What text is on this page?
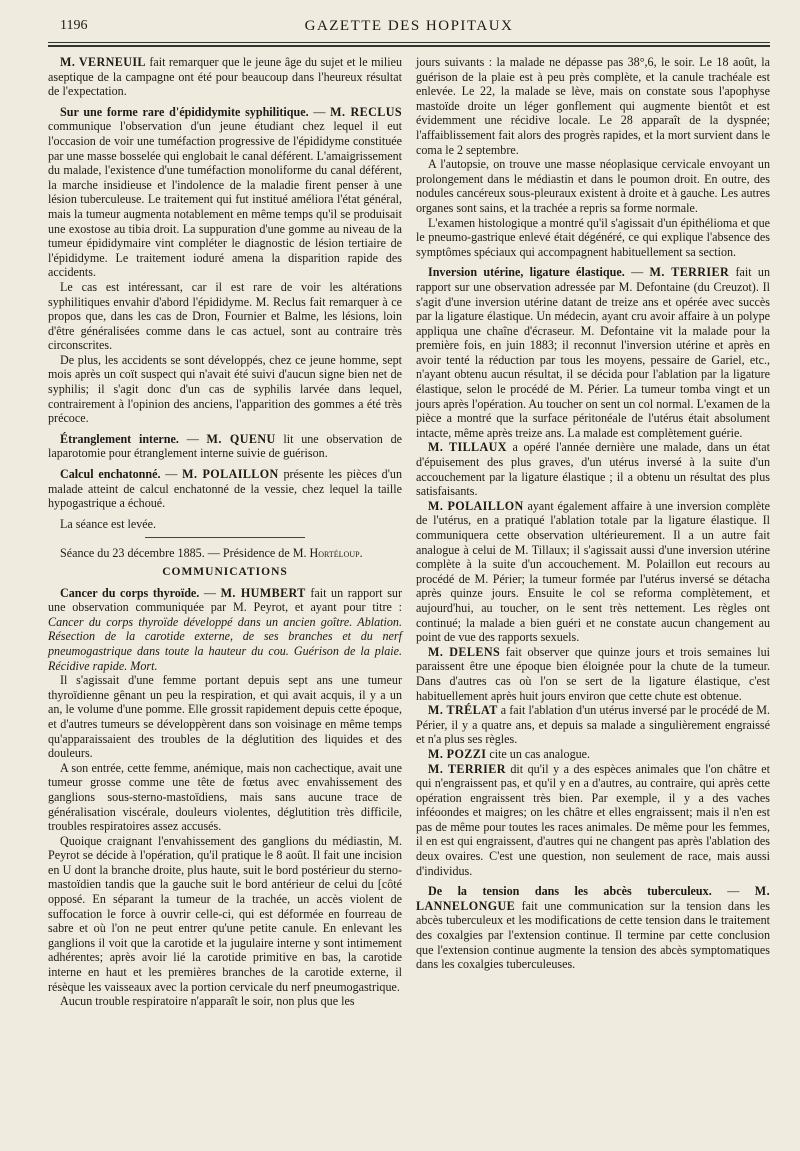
1196	GAZETTE DES HOPITAUX

M. VERNEUIL fait remarquer que le jeune âge du sujet et le milieu aseptique de la campagne ont été pour beaucoup dans l'heureux résultat de l'expectation.

Sur une forme rare d'épididymite syphilitique. — M. RECLUS communique l'observation d'un jeune étudiant chez lequel il eut l'occasion de voir une tuméfaction progressive de l'épididyme constituée par une masse bosselée qui englobait le canal déférent. L'amaigrissement du malade, l'existence d'une tuméfaction monoliforme du canal déférent, la marche insidieuse et l'indolence de la maladie firent penser à une lésion tuberculeuse. Le traitement qui fut institué améliora l'état général, mais la tumeur augmenta notablement en même temps qu'il se produisait une exostose au tibia droit. La suppuration d'une gomme au niveau de la tumeur épididymaire vint compléter le diagnostic de lésion tertiaire de l'épididyme. Le traitement ioduré amena la disparition rapide des accidents.

Le cas est intéressant, car il est rare de voir les altérations syphilitiques envahir d'abord l'épididyme. M. Reclus fait remarquer à ce propos que, dans les cas de Dron, Fournier et Balme, les lésions, loin d'être généralisées comme dans le cas actuel, sont au contraire très circonscrites.

De plus, les accidents se sont développés, chez ce jeune homme, sept mois après un coït suspect qui n'avait été suivi d'aucun signe bien net de syphilis; il s'agit donc d'un cas de syphilis larvée dans lequel, contrairement à l'opinion des anciens, l'apparition des gommes a été très précoce.

Étranglement interne. — M. QUENU lit une observation de laparotomie pour étranglement interne suivie de guérison.

Calcul enchatonné. — M. POLAILLON présente les pièces d'un malade atteint de calcul enchatonné de la vessie, chez lequel la taille hypogastrique a échoué.

La séance est levée.

Séance du 23 décembre 1885. — Présidence de M. Hortéloup.

COMMUNICATIONS

Cancer du corps thyroïde. — M. HUMBERT fait un rapport sur une observation communiquée par M. Peyrot, et ayant pour titre : Cancer du corps thyroïde développé dans un ancien goître. Ablation. Résection de la carotide externe, de ses branches et du nerf pneumogastrique dans toute la hauteur du cou. Guérison de la plaie. Récidive rapide. Mort.

Il s'agissait d'une femme portant depuis sept ans une tumeur thyroïdienne gênant un peu la respiration, et qui avait acquis, il y a un an, le volume d'une pomme. Elle grossit rapidement depuis cette époque, et d'autres tumeurs se développèrent dans son voisinage en même temps qu'apparaissaient des troubles de la déglutition des liquides et des douleurs.

A son entrée, cette femme, anémique, mais non cachectique, avait une tumeur grosse comme une tête de fœtus avec envahissement des ganglions sous-sterno-mastoïdiens, mais sans aucune trace de généralisation viscérale, douleurs violentes, déglutition très difficile, troubles respiratoires assez accusés.

Quoique craignant l'envahissement des ganglions du médiastin, M. Peyrot se décide à l'opération, qu'il pratique le 8 août. Il fait une incision en U dont la branche droite, plus haute, suit le bord postérieur du sterno-mastoïdien tandis que la gauche suit le bord antérieur de celui du [côté opposé. En séparant la tumeur de la trachée, un accès violent de suffocation le force à ouvrir celle-ci, qui est déformée en fourreau de sabre et où l'on ne peut entrer qu'une petite canule. En enlevant les ganglions il voit que la carotide et la jugulaire interne y sont intimement adhérentes; après avoir lié la carotide primitive en bas, la carotide interne en haut et les premières branches de la carotide externe, il résèque les vaisseaux avec la portion cervicale du nerf pneumogastrique.

Aucun trouble respiratoire n'apparaît le soir, non plus que les

jours suivants : la malade ne dépasse pas 38°,6, le soir. Le 18 août, la guérison de la plaie est à peu près complète, et la canule trachéale est enlevée. Le 22, la malade se lève, mais on constate sous l'apophyse mastoïde droite un léger gonflement qui augmente bientôt et est évidemment une récidive locale. Le 28 apparaît de la dyspnée; l'affaiblissement fait alors des progrès rapides, et la mort survient dans le coma le 2 septembre.

A l'autopsie, on trouve une masse néoplasique cervicale envoyant un prolongement dans le médiastin et dans le poumon droit. En outre, des nodules cancéreux sous-pleuraux existent à droite et à gauche. Les autres organes sont sains, et la trachée a repris sa forme normale.

L'examen histologique a montré qu'il s'agissait d'un épithélioma et que le pneumo-gastrique enlevé était dégénéré, ce qui explique l'absence des symptômes spéciaux qui accompagnent habituellement sa section.

Inversion utérine, ligature élastique. — M. TERRIER fait un rapport sur une observation adressée par M. Defontaine (du Creuzot). Il s'agit d'une inversion utérine datant de treize ans et opérée avec succès par la ligature élastique. Un médecin, ayant cru avoir affaire à un polype appliqua une chaîne d'écraseur. M. Defontaine vit la malade pour la première fois, en juin 1883; il reconnut l'inversion utérine et après en avoir tenté la réduction par tous les moyens, pessaire de Gariel, etc., n'ayant obtenu aucun résultat, il se décida pour l'ablation par la ligature élastique, selon le procédé de M. Périer. La tumeur tomba vingt et un jours après l'opération. Au toucher on sent un col normal. L'examen de la pièce a montré que la surface péritonéale de l'utérus était absolument intacte, même après treize ans. La malade est complètement guérie.

M. TILLAUX a opéré l'année dernière une malade, dans un état d'épuisement des plus graves, d'un utérus inversé à la suite d'un accouchement par la ligature élastique ; il a obtenu un résultat des plus satisfaisants.

M. POLAILLON ayant également affaire à une inversion complète de l'utérus, en a pratiqué l'ablation totale par la ligature élastique. Il communiquera cette observation ultérieurement. Il a un autre fait analogue à celui de M. Tillaux; il s'agissait aussi d'une inversion utérine complète à la suite d'un accouchement. M. Polaillon eut recours au procédé de M. Périer; la tumeur formée par l'utérus inversé se détacha après quinze jours. Ensuite le col se reforma complètement, et aujourd'hui, au toucher, on le sent très nettement. Les règles ont continué; la malade a bien guéri et ne constate aucun changement au point de vue des rapports sexuels.

M. DELENS fait observer que quinze jours et trois semaines lui paraissent être une époque bien éloignée pour la chute de la tumeur. Dans d'autres cas où l'on se sert de la ligature élastique, c'est habituellement après huit jours environ que cette chute est obtenue.

M. TRÉLAT a fait l'ablation d'un utérus inversé par le procédé de M. Périer, il y a quatre ans, et depuis sa malade a singulièrement engraissé et n'a plus ses règles.

M. POZZI cite un cas analogue.

M. TERRIER dit qu'il y a des espèces animales que l'on châtre et qui n'engraissent pas, et qu'il y en a d'autres, au contraire, qui après cette opération engraissent très bien. Par exemple, il y a des vaches inféoondes et maigres; on les châtre et elles engraissent; mais il n'en est pas de même pour toutes les races animales. De même pour les femmes, il en est qui engraissent, d'autres qui ne changent pas après l'ablation des deux ovaires. C'est une question, non seulement de race, mais aussi d'individus.

De la tension dans les abcès tuberculeux. — M. LANNELONGUE fait une communication sur la tension dans les abcès tuberculeux et les modifications de cette tension dans le traitement des coxalgies par l'extension continue. Il termine par cette conclusion que l'extension continue augmente la tension des abcès symptomatiques dans les coxalgies tuberculeuses.
